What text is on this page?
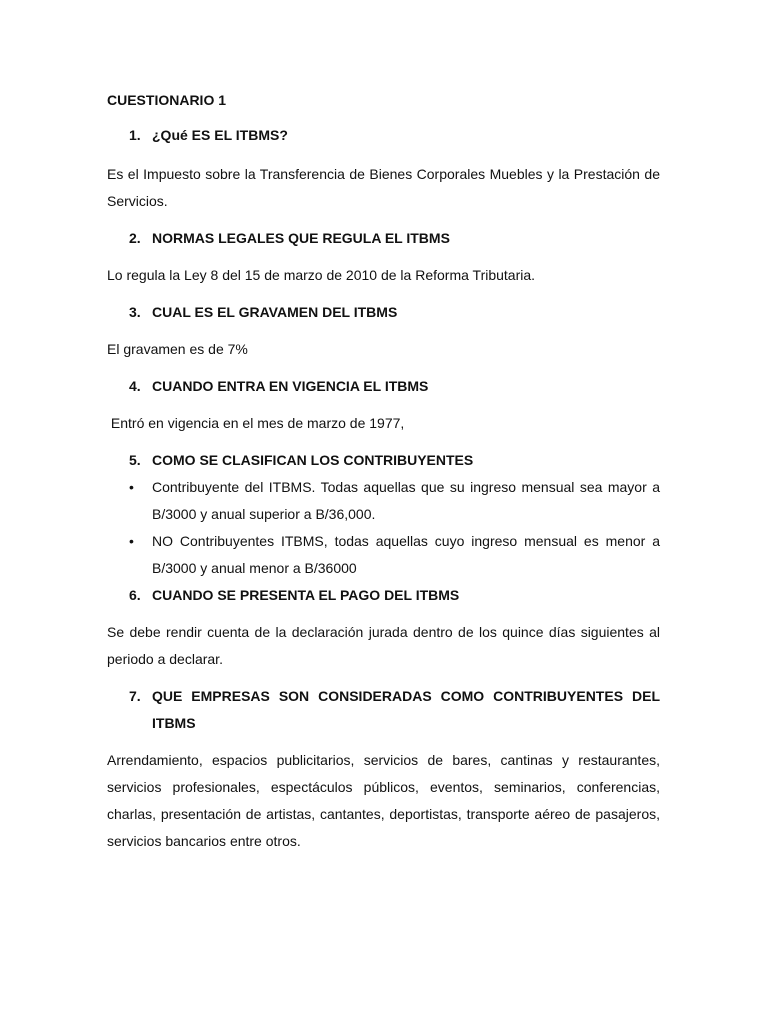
CUESTIONARIO 1

1. ¿Qué ES EL ITBMS?

Es el Impuesto sobre la Transferencia de Bienes Corporales Muebles y la Prestación de Servicios.

2. NORMAS LEGALES QUE REGULA EL ITBMS

Lo regula la Ley 8 del 15 de marzo de 2010 de la Reforma Tributaria.

3. CUAL ES EL GRAVAMEN DEL ITBMS

El gravamen es de 7%

4. CUANDO ENTRA EN VIGENCIA EL ITBMS

Entró en vigencia en el mes de marzo de 1977,

5. COMO SE CLASIFICAN LOS CONTRIBUYENTES
•	Contribuyente del ITBMS. Todas aquellas que su ingreso mensual sea mayor a B/3000 y anual superior a B/36,000.
•	NO Contribuyentes ITBMS, todas aquellas cuyo ingreso mensual es menor a B/3000 y anual menor a B/36000
6. CUANDO SE PRESENTA EL PAGO DEL ITBMS

Se debe rendir cuenta de la declaración jurada dentro de los quince días siguientes al periodo a declarar.

7. QUE EMPRESAS SON CONSIDERADAS COMO CONTRIBUYENTES DEL ITBMS

Arrendamiento, espacios publicitarios, servicios de bares, cantinas y restaurantes, servicios profesionales, espectáculos públicos, eventos, seminarios, conferencias, charlas, presentación de artistas, cantantes, deportistas, transporte aéreo de pasajeros, servicios bancarios entre otros.
